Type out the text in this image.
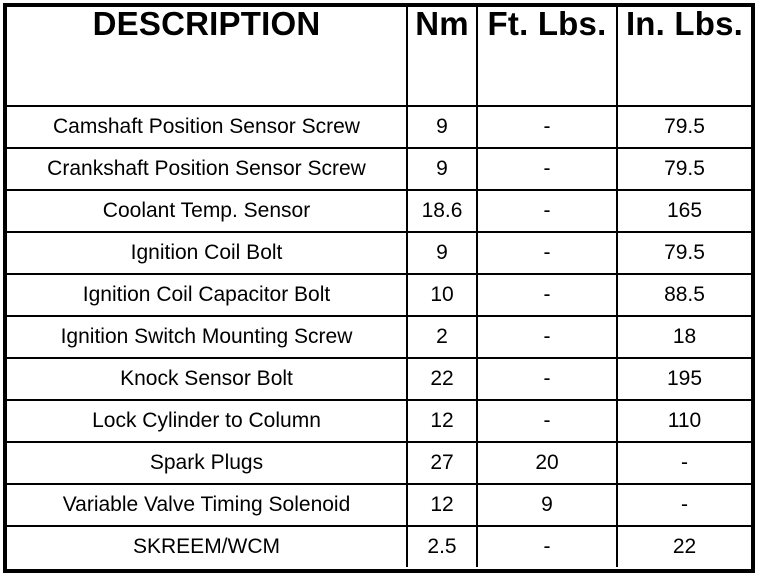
DESCRIPTION	Nm	Ft. Lbs.	In. Lbs.
Camshaft Position Sensor Screw	9	-	79.5
Crankshaft Position Sensor Screw	9	-	79.5
Coolant Temp. Sensor	18.6	-	165
Ignition Coil Bolt	9	-	79.5
Ignition Coil Capacitor Bolt	10	-	88.5
Ignition Switch Mounting Screw	2	-	18
Knock Sensor Bolt	22	-	195
Lock Cylinder to Column	12	-	110
Spark Plugs	27	20	-
Variable Valve Timing Solenoid	12	9	-
SKREEM/WCM	2.5	-	22
